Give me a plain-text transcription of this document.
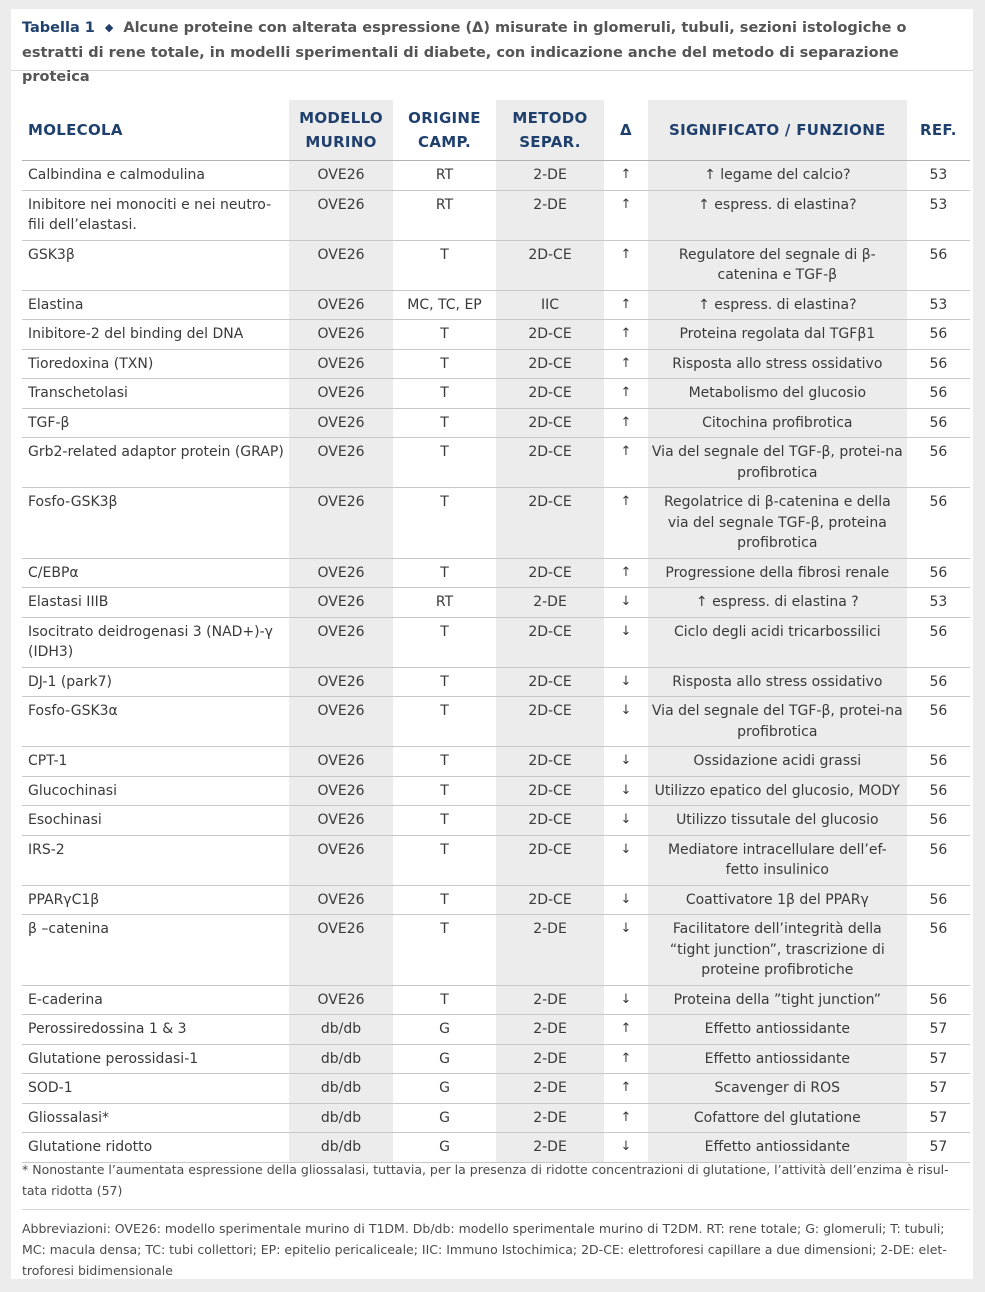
Tabella 1 ◆ Alcune proteine con alterata espressione (Δ) misurate in glomeruli, tubuli, sezioni istologiche o estratti di rene totale, in modelli sperimentali di diabete, con indicazione anche del metodo di separazione proteica
MOLECOLA	MODELLO MURINO	ORIGINE CAMP.	METODO SEPAR.	Δ	SIGNIFICATO / FUNZIONE	REF.
Calbindina e calmodulina	OVE26	RT	2-DE	↑	↑ legame del calcio?	53
Inibitore nei monociti e nei neutro-fili dell’elastasi.	OVE26	RT	2-DE	↑	↑ espress. di elastina?	53
GSK3β	OVE26	T	2D-CE	↑	Regulatore del segnale di β-catenina e TGF-β	56
Elastina	OVE26	MC, TC, EP	IIC	↑	↑ espress. di elastina?	53
Inibitore-2 del binding del DNA	OVE26	T	2D-CE	↑	Proteina regolata dal TGFβ1	56
Tioredoxina (TXN)	OVE26	T	2D-CE	↑	Risposta allo stress ossidativo	56
Transchetolasi	OVE26	T	2D-CE	↑	Metabolismo del glucosio	56
TGF-β	OVE26	T	2D-CE	↑	Citochina profibrotica	56
Grb2-related adaptor protein (GRAP)	OVE26	T	2D-CE	↑	Via del segnale del TGF-β, protei-na profibrotica	56
Fosfo-GSK3β	OVE26	T	2D-CE	↑	Regolatrice di β-catenina e della via del segnale TGF-β, proteina profibrotica	56
C/EBPα	OVE26	T	2D-CE	↑	Progressione della fibrosi renale	56
Elastasi IIIB	OVE26	RT	2-DE	↓	↑ espress. di elastina ?	53
Isocitrato deidrogenasi 3 (NAD+)-γ (IDH3)	OVE26	T	2D-CE	↓	Ciclo degli acidi tricarbossilici	56
DJ-1 (park7)	OVE26	T	2D-CE	↓	Risposta allo stress ossidativo	56
Fosfo-GSK3α	OVE26	T	2D-CE	↓	Via del segnale del TGF-β, protei-na profibrotica	56
CPT-1	OVE26	T	2D-CE	↓	Ossidazione acidi grassi	56
Glucochinasi	OVE26	T	2D-CE	↓	Utilizzo epatico del glucosio, MODY	56
Esochinasi	OVE26	T	2D-CE	↓	Utilizzo tissutale del glucosio	56
IRS-2	OVE26	T	2D-CE	↓	Mediatore intracellulare dell’ef-fetto insulinico	56
PPARγC1β	OVE26	T	2D-CE	↓	Coattivatore 1β del PPARγ	56
β –catenina	OVE26	T	2-DE	↓	Facilitatore dell’integrità della “tight junction”, trascrizione di proteine profibrotiche	56
E-caderina	OVE26	T	2-DE	↓	Proteina della ”tight junction”	56
Perossiredossina 1 & 3	db/db	G	2-DE	↑	Effetto antiossidante	57
Glutatione perossidasi-1	db/db	G	2-DE	↑	Effetto antiossidante	57
SOD-1	db/db	G	2-DE	↑	Scavenger di ROS	57
Gliossalasi*	db/db	G	2-DE	↑	Cofattore del glutatione	57
Glutatione ridotto	db/db	G	2-DE	↓	Effetto antiossidante	57
* Nonostante l’aumentata espressione della gliossalasi, tuttavia, per la presenza di ridotte concentrazioni di glutatione, l’attività dell’enzima è risul-tata ridotta (57)
Abbreviazioni: OVE26: modello sperimentale murino di T1DM. Db/db: modello sperimentale murino di T2DM. RT: rene totale; G: glomeruli; T: tubuli; MC: macula densa; TC: tubi collettori; EP: epitelio pericaliceale; IIC: Immuno Istochimica; 2D-CE: elettroforesi capillare a due dimensioni; 2-DE: elet-troforesi bidimensionale
